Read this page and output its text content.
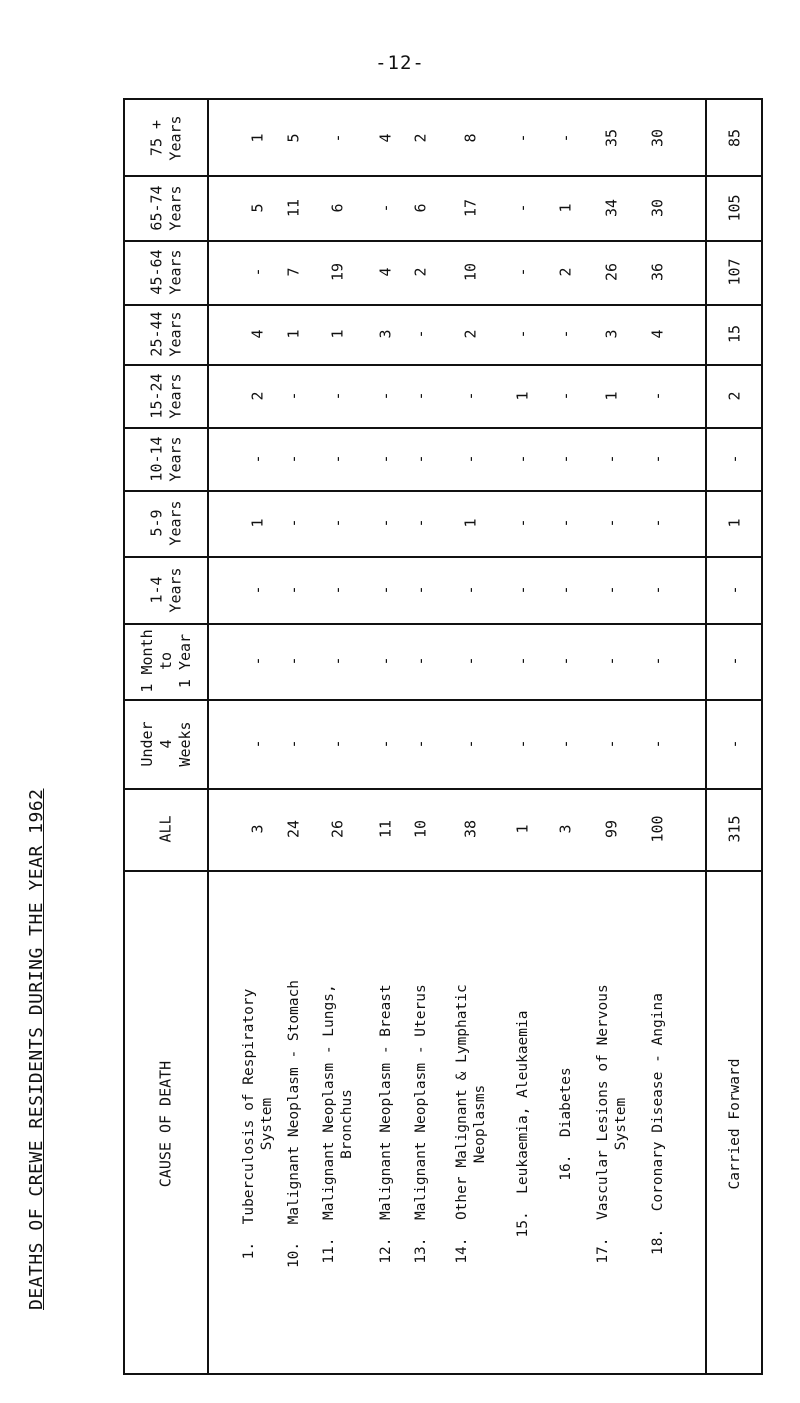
-12-
DEATHS OF CREWE RESIDENTS DURING THE YEAR 1962
75 +
Years
65-74
Years
45-64
Years
25-44
Years
15-24
Years
10-14
Years
5-9
Years
1-4
Years
1 Month
to
1 Year
Under
4
Weeks
ALL
CAUSE OF DEATH
1
5
-
4
2
-
1
-
-
-
3
1.  Tuberculosis of Respiratory
System
5
11
7
1
-
-
-
-
-
-
24
10.  Malignant Neoplasm - Stomach
-
6
19
1
-
-
-
-
-
-
26
11.  Malignant Neoplasm - Lungs,
Bronchus
4
-
4
3
-
-
-
-
-
-
11
12.  Malignant Neoplasm - Breast
2
6
2
-
-
-
-
-
-
-
10
13.  Malignant Neoplasm - Uterus
8
17
10
2
-
-
1
-
-
-
38
14.  Other Malignant & Lymphatic
Neoplasms
-
-
-
-
1
-
-
-
-
-
1
15.  Leukaemia, Aleukaemia
-
1
2
-
-
-
-
-
-
-
3
16.  Diabetes
35
34
26
3
1
-
-
-
-
-
99
17.  Vascular Lesions of Nervous
System
30
30
36
4
-
-
-
-
-
-
100
18.  Coronary Disease - Angina
85
105
107
15
2
-
1
-
-
-
315
Carried Forward
